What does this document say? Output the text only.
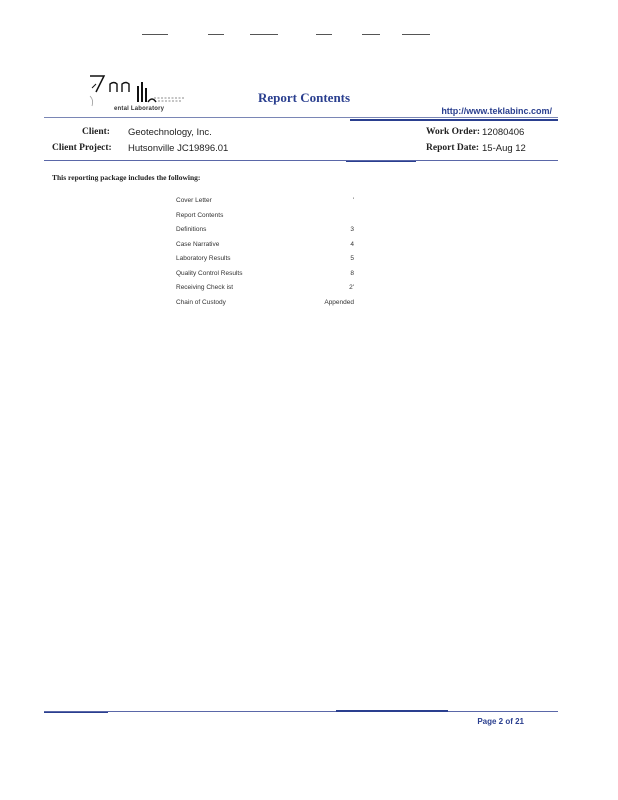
ental Laboratory
Report Contents
http://www.teklabinc.com/
Client: Geotechnology, Inc.
Client Project: Hutsonville JC19896.01
Work Order: 12080406
Report Date: 15-Aug 12
This reporting package includes the following:
Cover Letter	'
Report Contents
Definitions	3
Case Narrative	4
Laboratory Results	5
Quality Control Results	8
Receiving Check ist	2'
Chain of Custody	Appended
Page 2 of 21
